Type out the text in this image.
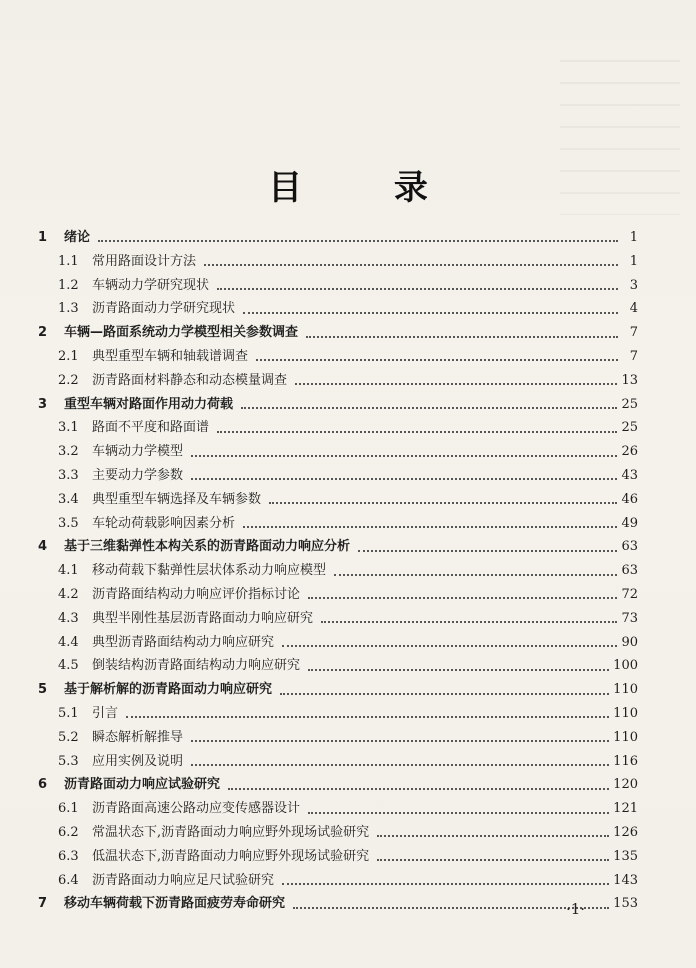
目 录
1	绪论	1
1.1	常用路面设计方法	1
1.2	车辆动力学研究现状	3
1.3	沥青路面动力学研究现状	4
2	车辆—路面系统动力学模型相关参数调查	7
2.1	典型重型车辆和轴载谱调查	7
2.2	沥青路面材料静态和动态模量调查	13
3	重型车辆对路面作用动力荷载	25
3.1	路面不平度和路面谱	25
3.2	车辆动力学模型	26
3.3	主要动力学参数	43
3.4	典型重型车辆选择及车辆参数	46
3.5	车轮动荷载影响因素分析	49
4	基于三维黏弹性本构关系的沥青路面动力响应分析	63
4.1	移动荷载下黏弹性层状体系动力响应模型	63
4.2	沥青路面结构动力响应评价指标讨论	72
4.3	典型半刚性基层沥青路面动力响应研究	73
4.4	典型沥青路面结构动力响应研究	90
4.5	倒装结构沥青路面结构动力响应研究	100
5	基于解析解的沥青路面动力响应研究	110
5.1	引言	110
5.2	瞬态解析解推导	110
5.3	应用实例及说明	116
6	沥青路面动力响应试验研究	120
6.1	沥青路面高速公路动应变传感器设计	121
6.2	常温状态下,沥青路面动力响应野外现场试验研究	126
6.3	低温状态下,沥青路面动力响应野外现场试验研究	135
6.4	沥青路面动力响应足尺试验研究	143
7	移动车辆荷载下沥青路面疲劳寿命研究	153
·1·
